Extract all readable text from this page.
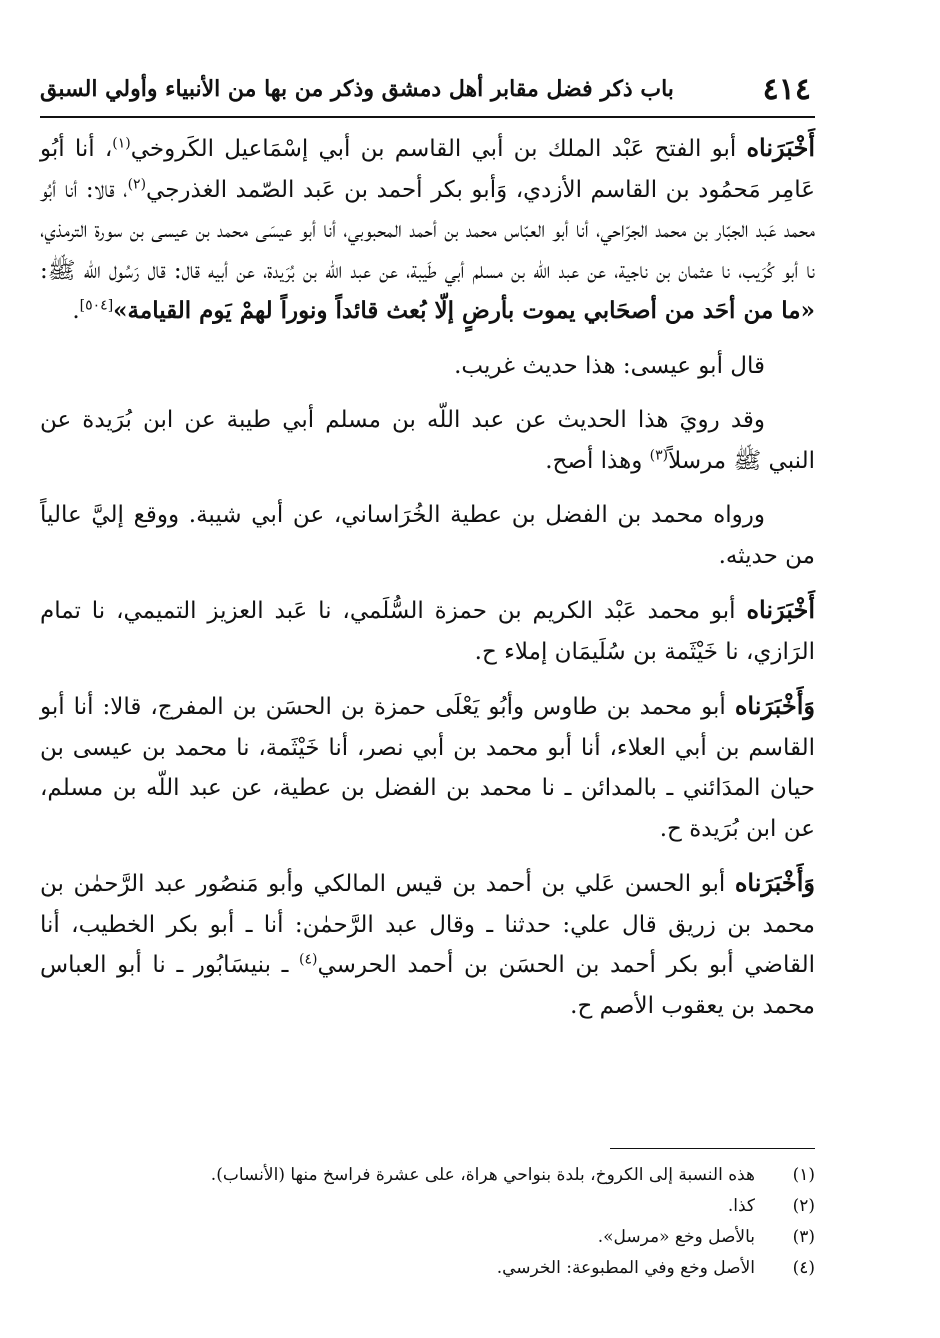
٤١٤
باب ذكر فضل مقابر أهل دمشق وذكر من بها من الأنبياء وأولي السبق

أَخْبَرَناه أبو الفتح عَبْد الملك بن أبي القاسم بن أبي إسْمَاعيل الكَروخي$^{(١)}$، أنا أبُو عَامِر مَحمُود بن القاسم الأزدي، وَأبو بكر أحمد بن عَبد الصّمد الغذرجي$^{(٢)}$، قالا: أنا أبُو محمد عَبد الجبّار بن محمد الجرّاحي، أنا أبو العبّاس محمد بن أحمد المحبوبي، أنا أبو عيسَى محمد بن عيسى بن سورة الترمذي، نا أبو كُرَيب، نا عثمان بن ناجية، عن عبد اللّه بن مسلم أبي طَيبة، عن عبد اللّه بن بُرَيدة، عن أبيه قال: قال رَسُول الله ﷺ: «ما من أحَد من أصحَابي يموت بأرضٍ إلّا بُعث قائداً ونوراً لهمْ يَوم القيامة»[٥٠٤].

قال أبو عيسى: هذا حديث غريب.

وقد رويَ هذا الحديث عن عبد اللّه بن مسلم أبي طيبة عن ابن بُرَيدة عن النبي ﷺ مرسلاً$^{(٣)}$ وهذا أصح.

ورواه محمد بن الفضل بن عطية الخُرَاساني، عن أبي شيبة. ووقع إليَّ عالياً من حديثه.

أَخْبَرَناه أبو محمد عَبْد الكريم بن حمزة السُّلَمي، نا عَبد العزيز التميمي، نا تمام الرَازي، نا خَيْثَمة بن سُلَيمَان إملاء ح.

وَأَخْبَرَناه أبو محمد بن طاوس وأبُو يَعْلَى حمزة بن الحسَن بن المفرج، قالا: أنا أبو القاسم بن أبي العلاء، أنا أبو محمد بن أبي نصر، أنا خَيْثَمة، نا محمد بن عيسى بن حيان المدَائني ـ بالمدائن ـ نا محمد بن الفضل بن عطية، عن عبد اللّه بن مسلم، عن ابن بُرَيدة ح.

وَأَخْبَرَناه أبو الحسن عَلي بن أحمد بن قيس المالكي وأبو مَنصُور عبد الرَّحمٰن بن محمد بن زريق قال علي: حدثنا ـ وقال عبد الرَّحمٰن: أنا ـ أبو بكر الخطيب، أنا القاضي أبو بكر أحمد بن الحسَن بن أحمد الحرسي$^{(٤)}$ ـ بنيسَابُور ـ نا أبو العباس محمد بن يعقوب الأصم ح.

(١)
هذه النسبة إلى الكروخ، بلدة بنواحي هراة، على عشرة فراسخ منها (الأنساب).
(٢)
كذا.
(٣)
بالأصل وخع «مرسل».
(٤)
الأصل وخع وفي المطبوعة: الخرسي.
